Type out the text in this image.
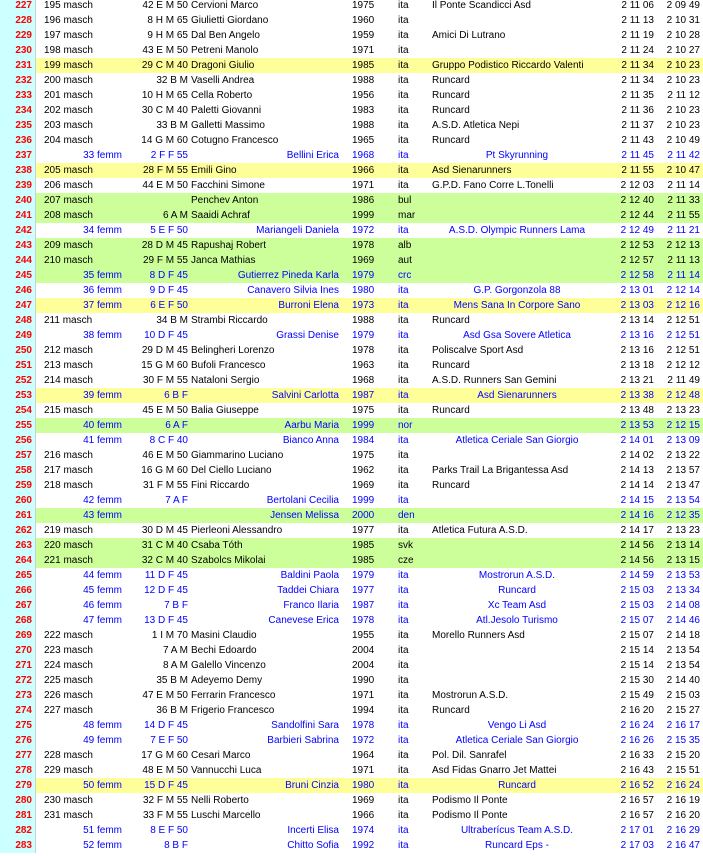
227	195 masch	42 E M 50 Cervioni Marco	1975	ita	Il Ponte Scandicci Asd	2 11 06	2 09 49
228	196 masch	8 H M 65 Giulietti Giordano	1960	ita	2 11 13	2 10 31
229	197 masch	9 H M 65 Dal Ben Angelo	1959	ita	Amici Di Lutrano	2 11 19	2 10 28
230	198 masch	43 E M 50 Petreni Manolo	1971	ita	2 11 24	2 10 27
231	199 masch	29 C M 40 Dragoni Giulio	1985	ita	Gruppo Podistico Riccardo Valenti	2 11 34	2 10 23
232	200 masch	32 B M Vaselli Andrea	1988	ita	Runcard	2 11 34	2 10 23
233	201 masch	10 H M 65 Cella Roberto	1956	ita	Runcard	2 11 35	2 11 12
234	202 masch	30 C M 40 Paletti Giovanni	1983	ita	Runcard	2 11 36	2 10 23
235	203 masch	33 B M Galletti Massimo	1988	ita	A.S.D. Atletica Nepi	2 11 37	2 10 23
236	204 masch	14 G M 60 Cotugno Francesco	1965	ita	Runcard	2 11 43	2 10 49
237	33 femm	2 F F 55	Bellini Erica 1968	ita	Pt Skyrunning	2 11 45	2 11 42
238	205 masch	28 F M 55 Emili Gino	1966	ita	Asd Sienarunners	2 11 55	2 10 47
239	206 masch	44 E M 50 Facchini Simone	1971	ita	G.P.D. Fano Corre L.Tonelli	2 12 03	2 11 14
240	207 masch	Penchev Anton	1986	bul	2 12 40	2 11 33
241	208 masch	6 A M Saaidi Achraf	1999	mar	2 12 44	2 11 55
242	34 femm	5 E F 50	Mariangeli Daniela 1972	ita	A.S.D. Olympic Runners Lama	2 12 49	2 11 21
243	209 masch	28 D M 45 Rapushaj Robert	1978	alb	2 12 53	2 12 13
244	210 masch	29 F M 55 Janca Mathias	1969	aut	2 12 57	2 11 13
245	35 femm	8 D F 45	Gutierrez Pineda Karla 1979	crc	2 12 58	2 11 14
246	36 femm	9 D F 45	Canavero Silvia Ines 1980	ita	G.P. Gorgonzola 88	2 13 01	2 12 14
247	37 femm	6 E F 50	Burroni Elena 1973	ita	Mens Sana In Corpore Sano	2 13 03	2 12 16
248	211 masch	34 B M Strambi Riccardo	1988	ita	Runcard	2 13 14	2 12 51
249	38 femm	10 D F 45	Grassi Denise 1979	ita	Asd Gsa Sovere Atletica	2 13 16	2 12 51
250	212 masch	29 D M 45 Belingheri Lorenzo	1978	ita	Poliscalve Sport Asd	2 13 16	2 12 51
251	213 masch	15 G M 60 Bufoli Francesco	1963	ita	Runcard	2 13 18	2 12 12
252	214 masch	30 F M 55 Nataloni Sergio	1968	ita	A.S.D. Runners San Gemini	2 13 21	2 11 49
253	39 femm	6 B F	Salvini Carlotta 1987	ita	Asd Sienarunners	2 13 38	2 12 48
254	215 masch	45 E M 50 Balia Giuseppe	1975	ita	Runcard	2 13 48	2 13 23
255	40 femm	6 A F	Aarbu Maria 1999	nor	2 13 53	2 12 15
256	41 femm	8 C F 40	Bianco Anna 1984	ita	Atletica Ceriale San Giorgio	2 14 01	2 13 09
257	216 masch	46 E M 50 Giammarino Luciano	1975	ita	2 14 02	2 13 22
258	217 masch	16 G M 60 Del Ciello Luciano	1962	ita	Parks Trail La Brigantessa Asd	2 14 13	2 13 57
259	218 masch	31 F M 55 Fini Riccardo	1969	ita	Runcard	2 14 14	2 13 47
260	42 femm	7 A F	Bertolani Cecilia 1999	ita	2 14 15	2 13 54
261	43 femm	Jensen Melissa 2000	den	2 14 16	2 12 35
262	219 masch	30 D M 45 Pierleoni Alessandro	1977	ita	Atletica Futura A.S.D.	2 14 17	2 13 23
263	220 masch	31 C M 40 Csaba Tóth	1985	svk	2 14 56	2 13 14
264	221 masch	32 C M 40 Szabolcs Mikolai	1985	cze	2 14 56	2 13 15
265	44 femm	11 D F 45	Baldini Paola 1979	ita	Mostrorun A.S.D.	2 14 59	2 13 53
266	45 femm	12 D F 45	Taddei Chiara 1977	ita	Runcard	2 15 03	2 13 34
267	46 femm	7 B F	Franco Ilaria 1987	ita	Xc Team Asd	2 15 03	2 14 08
268	47 femm	13 D F 45	Canevese Erica 1978	ita	Atl.Jesolo Turismo	2 15 07	2 14 46
269	222 masch	1 I M 70 Masini Claudio	1955	ita	Morello Runners Asd	2 15 07	2 14 18
270	223 masch	7 A M Bechi Edoardo	2004	ita	2 15 14	2 13 54
271	224 masch	8 A M Galello Vincenzo	2004	ita	2 15 14	2 13 54
272	225 masch	35 B M Adeyemo Demy	1990	ita	2 15 30	2 14 40
273	226 masch	47 E M 50 Ferrarin Francesco	1971	ita	Mostrorun A.S.D.	2 15 49	2 15 03
274	227 masch	36 B M Frigerio Francesco	1994	ita	Runcard	2 16 20	2 15 27
275	48 femm	14 D F 45	Sandolfini Sara 1978	ita	Vengo Li Asd	2 16 24	2 16 17
276	49 femm	7 E F 50	Barbieri Sabrina 1972	ita	Atletica Ceriale San Giorgio	2 16 26	2 15 35
277	228 masch	17 G M 60 Cesari Marco	1964	ita	Pol. Dil. Sanrafel	2 16 33	2 15 20
278	229 masch	48 E M 50 Vannucchi Luca	1971	ita	Asd Fidas Gnarro Jet Mattei	2 16 43	2 15 51
279	50 femm	15 D F 45	Bruni Cinzia 1980	ita	Runcard	2 16 52	2 16 24
280	230 masch	32 F M 55 Nelli Roberto	1969	ita	Podismo Il Ponte	2 16 57	2 16 19
281	231 masch	33 F M 55 Luschi Marcello	1966	ita	Podismo Il Ponte	2 16 57	2 16 20
282	51 femm	8 E F 50	Incerti Elisa 1974	ita	Ultraberícus Team A.S.D.	2 17 01	2 16 29
283	52 femm	8 B F	Chitto Sofia 1992	ita	Runcard Eps -	2 17 03	2 16 47
